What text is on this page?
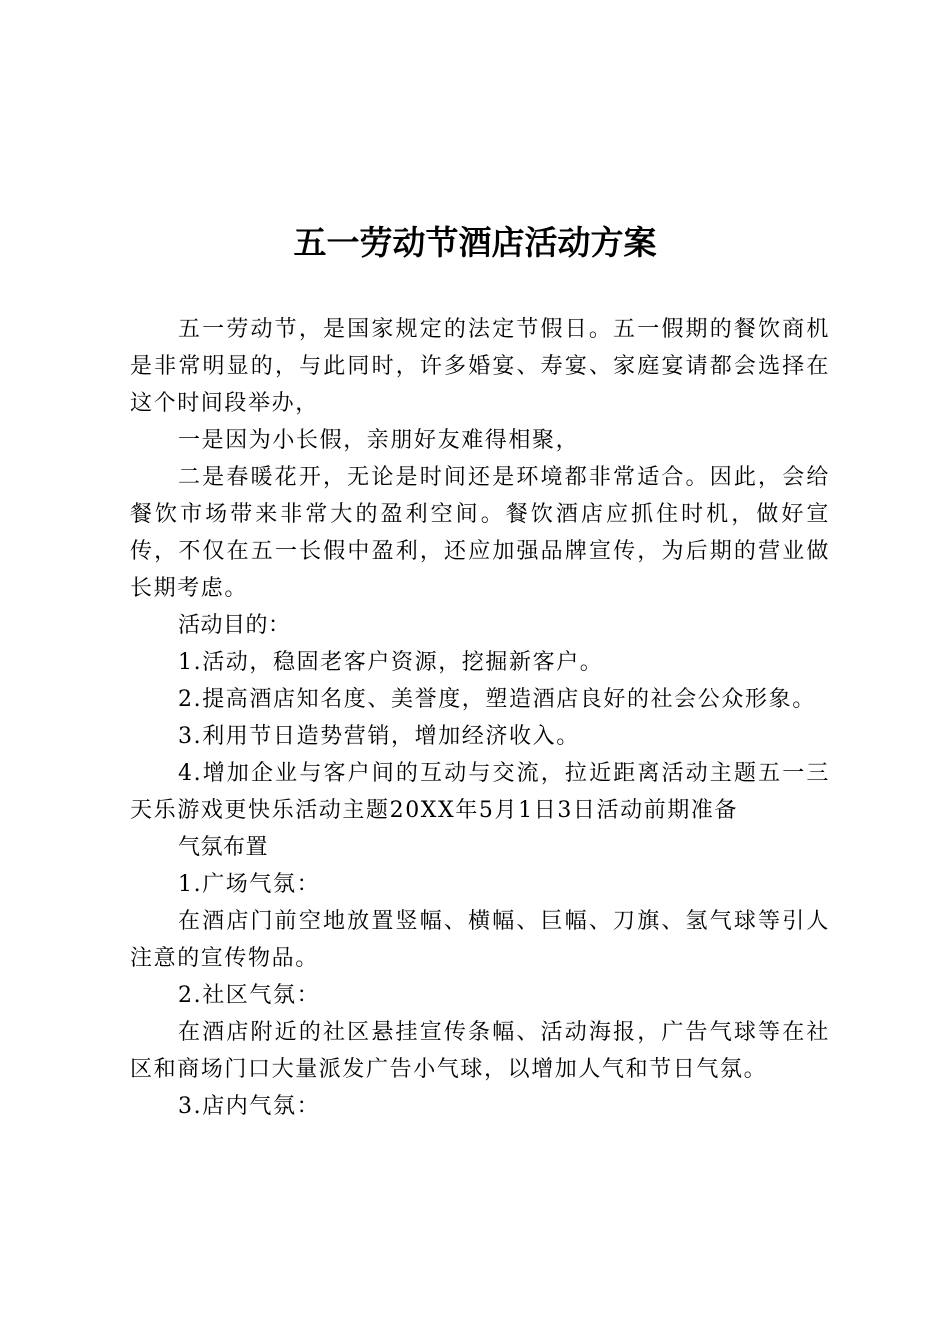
五一劳动节酒店活动方案

五一劳动节，是国家规定的法定节假日。五一假期的餐饮商机是非常明显的，与此同时，许多婚宴、寿宴、家庭宴请都会选择在这个时间段举办，

一是因为小长假，亲朋好友难得相聚，

二是春暖花开，无论是时间还是环境都非常适合。因此，会给餐饮市场带来非常大的盈利空间。餐饮酒店应抓住时机，做好宣传，不仅在五一长假中盈利，还应加强品牌宣传，为后期的营业做长期考虑。

活动目的：

1.活动，稳固老客户资源，挖掘新客户。

2.提高酒店知名度、美誉度，塑造酒店良好的社会公众形象。

3.利用节日造势营销，增加经济收入。

4.增加企业与客户间的互动与交流，拉近距离活动主题五一三天乐游戏更快乐活动主题20XX年5月1日3日活动前期准备

气氛布置

1.广场气氛：

在酒店门前空地放置竖幅、横幅、巨幅、刀旗、氢气球等引人注意的宣传物品。

2.社区气氛：

在酒店附近的社区悬挂宣传条幅、活动海报，广告气球等在社区和商场门口大量派发广告小气球，以增加人气和节日气氛。

3.店内气氛：
